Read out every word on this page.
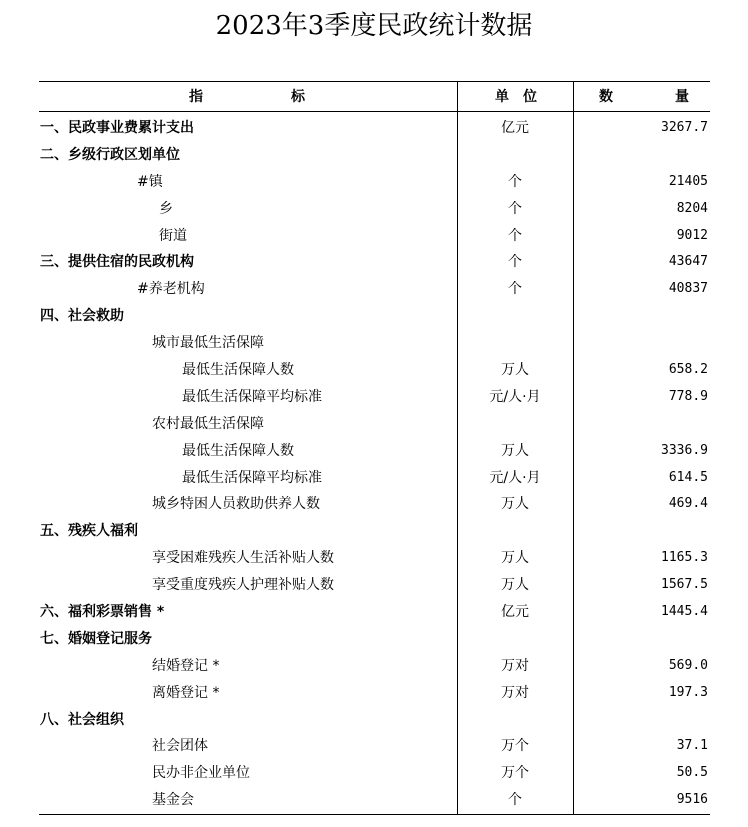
2023年3季度民政统计数据
指	标	单 位	数	量
一、民政事业费累计支出	亿元	3267.7
二、乡级行政区划单位
#镇	个	21405
乡	个	8204
街道	个	9012
三、提供住宿的民政机构	个	43647
#养老机构	个	40837
四、社会救助
城市最低生活保障
最低生活保障人数	万人	658.2
最低生活保障平均标准	元/人·月	778.9
农村最低生活保障
最低生活保障人数	万人	3336.9
最低生活保障平均标准	元/人·月	614.5
城乡特困人员救助供养人数	万人	469.4
五、残疾人福利
享受困难残疾人生活补贴人数	万人	1165.3
享受重度残疾人护理补贴人数	万人	1567.5
六、福利彩票销售 *	亿元	1445.4
七、婚姻登记服务
结婚登记 *	万对	569.0
离婚登记 *	万对	197.3
八、社会组织
社会团体	万个	37.1
民办非企业单位	万个	50.5
基金会	个	9516
